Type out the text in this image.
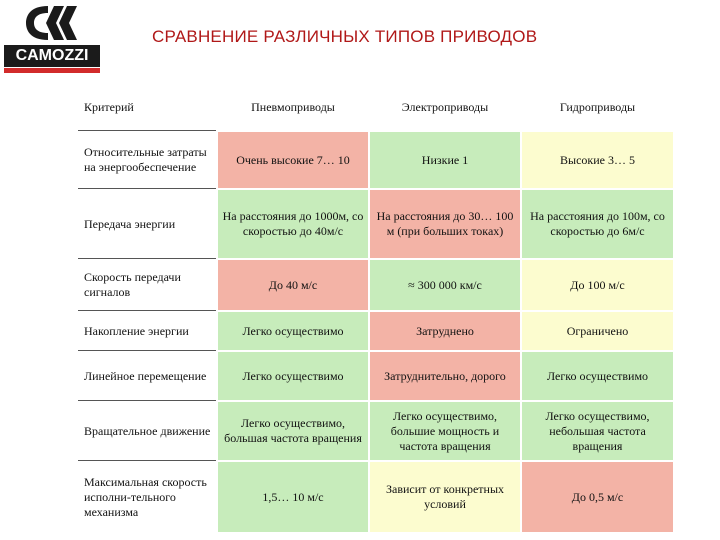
CAMOZZI
СРАВНЕНИЕ РАЗЛИЧНЫХ ТИПОВ ПРИВОДОВ
Критерий	Пневмоприводы	Электроприводы	Гидроприводы
Относительные затраты на энергообеспечение	Очень высокие 7… 10	Низкие 1	Высокие 3… 5
Передача энергии	На расстояния до 1000м, со скоростью до 40м/с	На расстояния до 30… 100 м (при больших токах)	На расстояния до 100м, со скоростью до 6м/с
Скорость передачи сигналов	До 40 м/с	≈ 300 000 км/с	До 100 м/с
Накопление энергии	Легко осуществимо	Затруднено	Ограничено
Линейное перемещение	Легко осуществимо	Затруднительно, дорого	Легко осуществимо
Вращательное движение	Легко осуществимо, большая частота вращения	Легко осуществимо, большие мощность и частота вращения	Легко осуществимо, небольшая частота вращения
Максимальная скорость исполни-тельного механизма	1,5… 10 м/с	Зависит от конкретных условий	До 0,5 м/с
